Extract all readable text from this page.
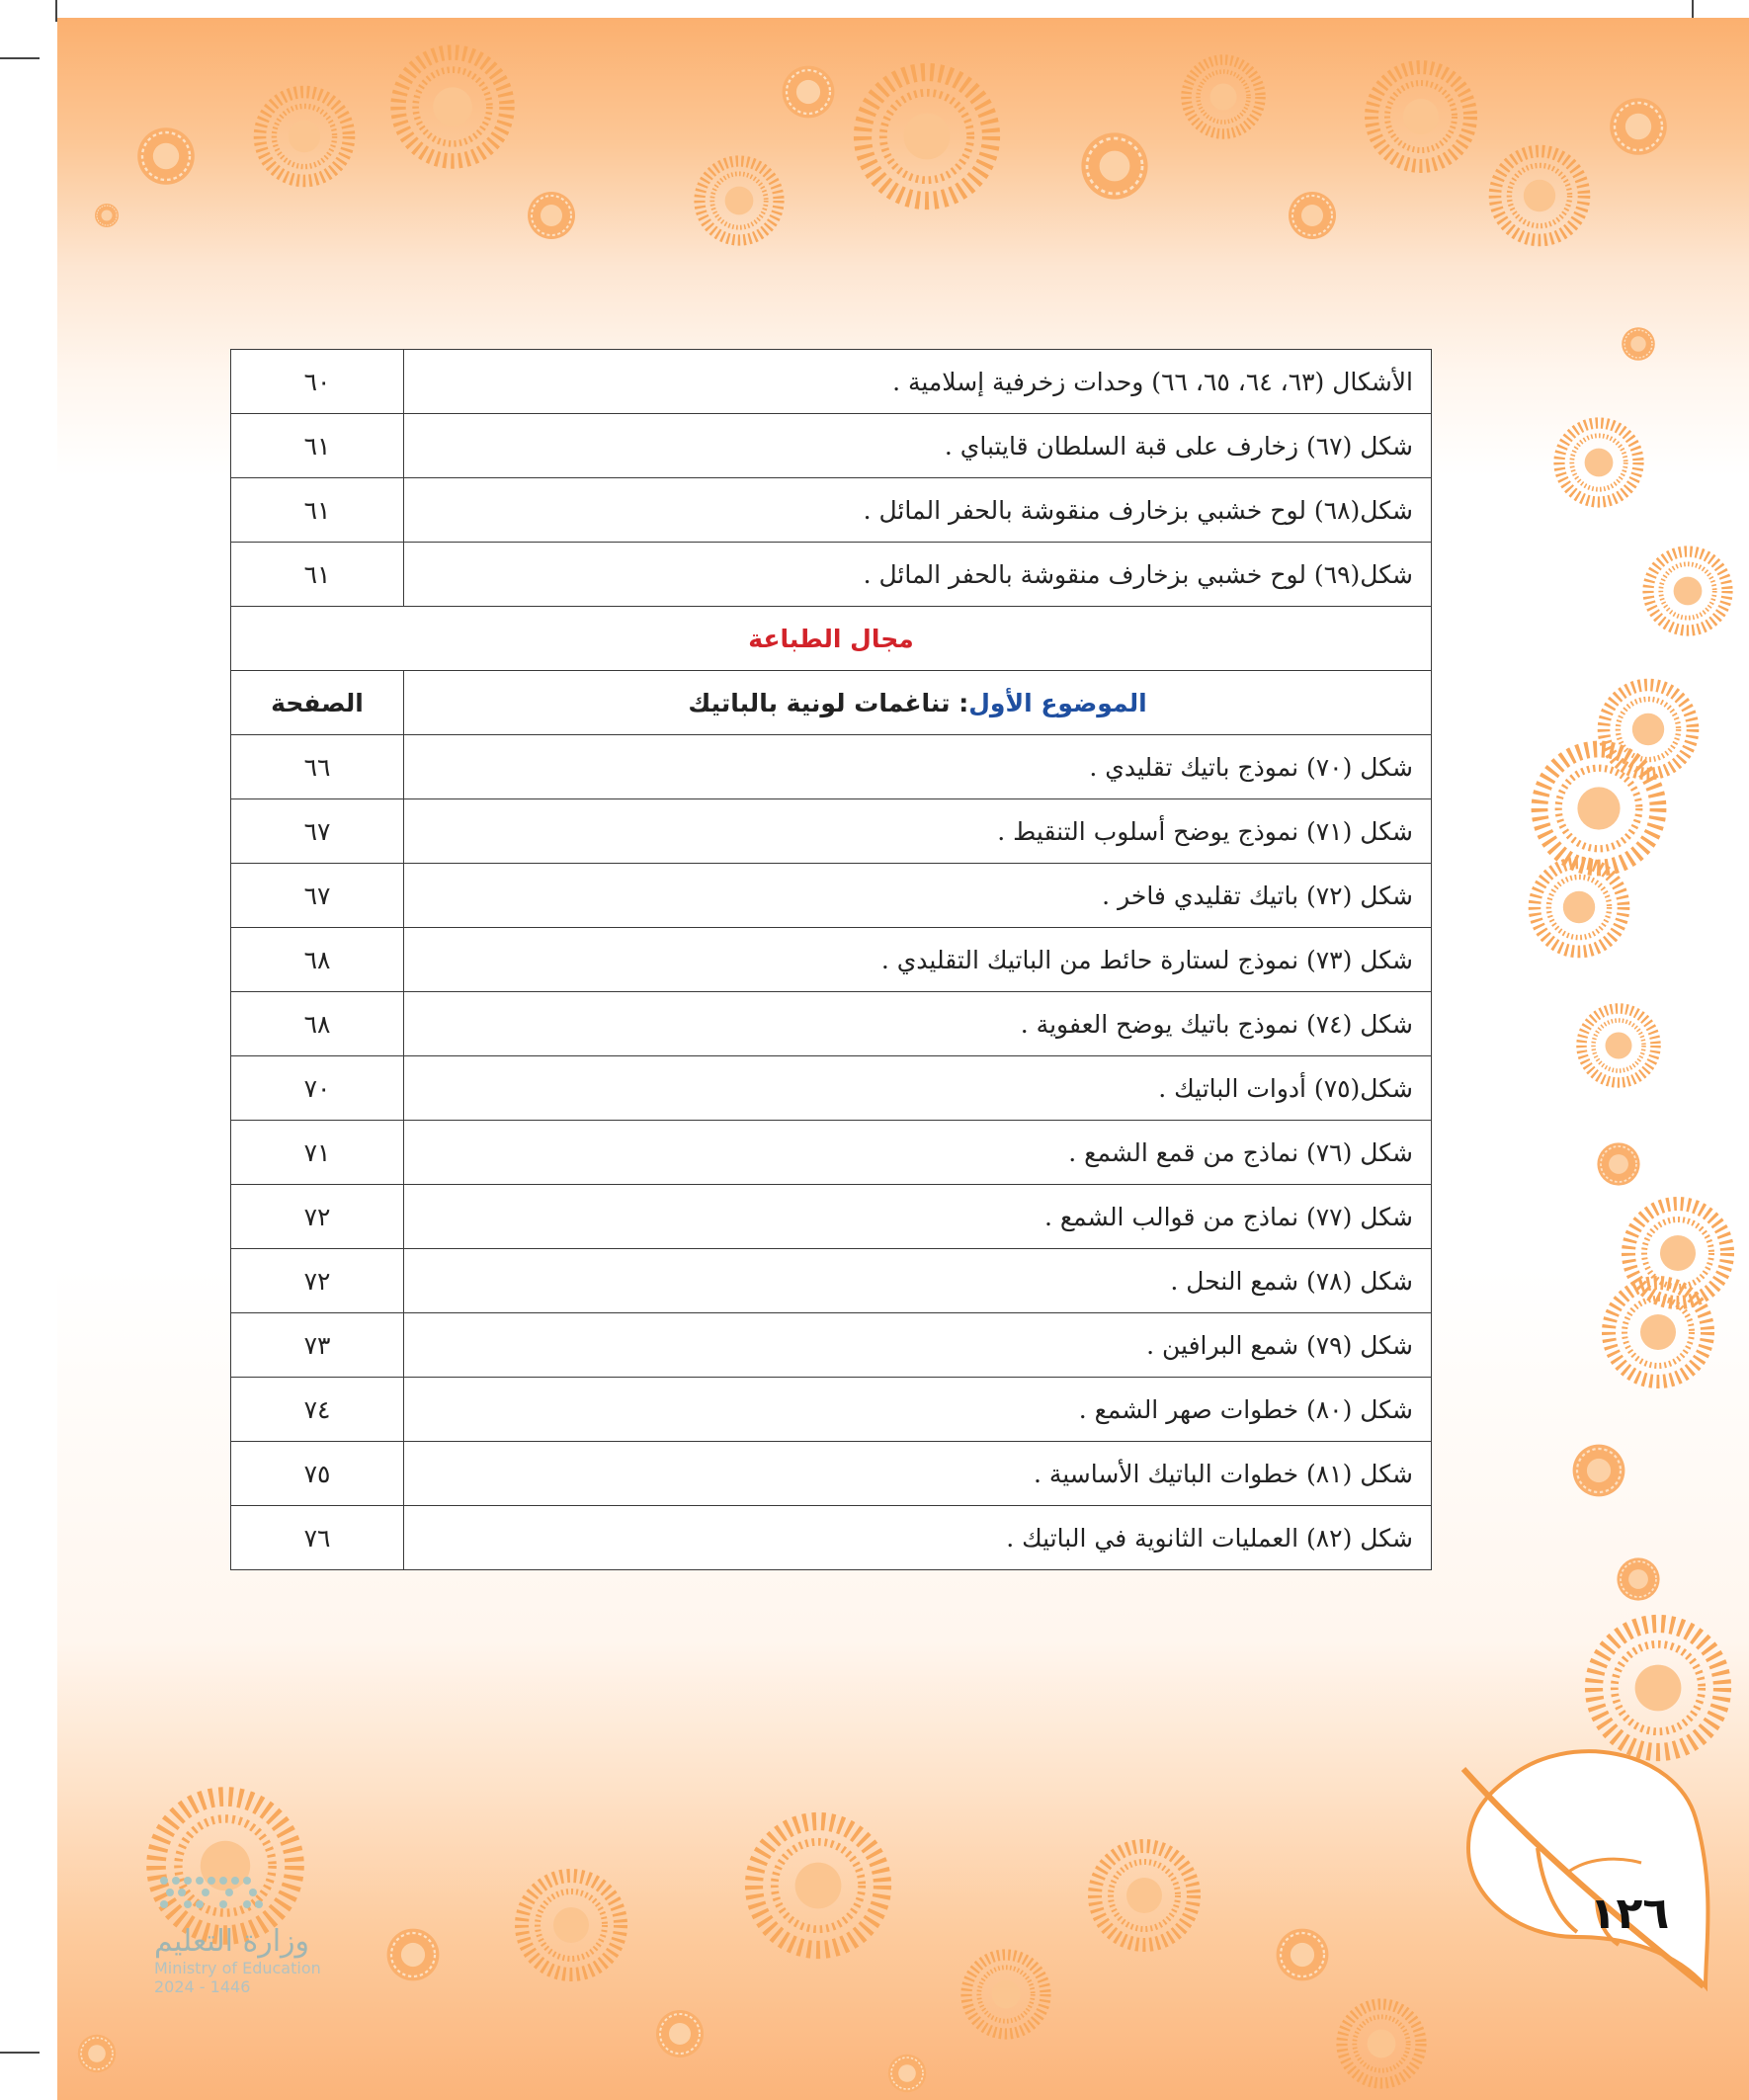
١٢٦
وزارة التعليم
Ministry of Education
2024 - 1446
الأشكال (٦٣، ٦٤، ٦٥، ٦٦) وحدات زخرفية إسلامية .	٦٠
شكل (٦٧) زخارف على قبة السلطان قايتباي .	٦١
شكل(٦٨) لوح خشبي بزخارف منقوشة بالحفر المائل .	٦١
شكل(٦٩) لوح خشبي بزخارف منقوشة بالحفر المائل .	٦١
مجال الطباعة	
الموضوع الأول: تناغمات لونية بالباتيك	الصفحة
شكل (٧٠) نموذج باتيك تقليدي .	٦٦
شكل (٧١) نموذج يوضح أسلوب التنقيط .	٦٧
شكل (٧٢) باتيك تقليدي فاخر .	٦٧
شكل (٧٣) نموذج لستارة حائط من الباتيك التقليدي .	٦٨
شكل (٧٤) نموذج باتيك يوضح العفوية .	٦٨
شكل(٧٥) أدوات الباتيك .	٧٠
شكل (٧٦) نماذج من قمع الشمع .	٧١
شكل (٧٧) نماذج من قوالب الشمع .	٧٢
شكل (٧٨) شمع النحل .	٧٢
شكل (٧٩) شمع البرافين .	٧٣
شكل (٨٠) خطوات صهر الشمع .	٧٤
شكل (٨١) خطوات الباتيك الأساسية .	٧٥
شكل (٨٢) العمليات الثانوية في الباتيك .	٧٦
